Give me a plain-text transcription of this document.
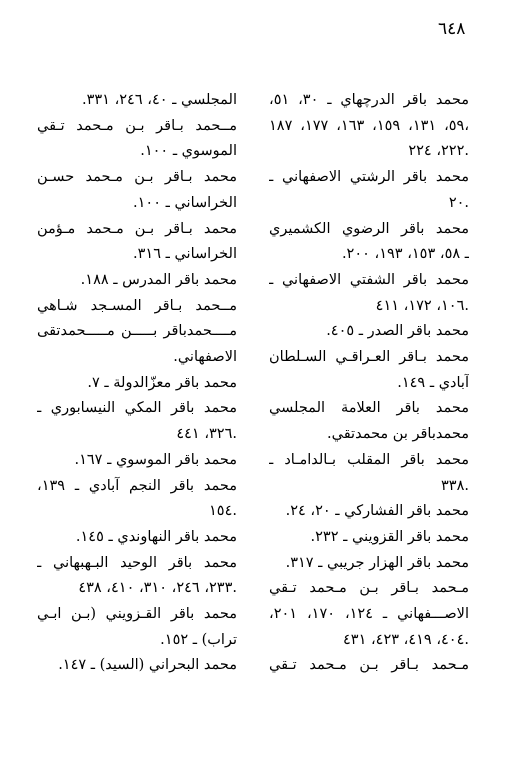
٦٤٨
محمد باقر الدرچهاي ـ ٣٠، ٥١،
٥٩، ١٣١، ١٥٩، ١٦٣، ١٧٧، ١٨٧،
٢٢٢، ٢٢٤.
محمد باقر الرشتي الاصفهاني ـ
٢٠.
محمد باقر الرضوي الكشميري
ـ ٥٨، ١٥٣، ١٩٣، ٢٠٠.
محمد باقر الشفتي الاصفهاني ـ
١٠٦، ١٧٢، ٤١١.
محمد باقر الصدر ـ ٤٠٥.
محمد بـاقر العـراقـي السـلطان
آبادي ـ ١٤٩.
محمد باقر العلامة المجلسي
محمدباقر بن محمدتقي.
محمد باقر المقلب بـالدامـاد ـ
٣٣٨.
محمد باقر الفشاركي ـ ٢٠، ٢٤.
محمد باقر القزويني ـ ٢٣٢.
محمد باقر الهزار جريبي ـ ٣١٧.
مـحمد بـاقر بـن مـحمد تـقي
الاصـــفهاني ـ ١٢٤، ١٧٠، ٢٠١،
٤٠٤، ٤١٩، ٤٢٣، ٤٣١.
مـحمد بـاقر بـن مـحمد تـقي
المجلسي ـ ٤٠، ٢٤٦، ٣٣١.
مــحمد بـاقر بـن مـحمد تـقي
الموسوي ـ ١٠٠.
محمد بـاقر بـن مـحمد حسـن
الخراساني ـ ١٠٠.
محمد بـاقر بـن مـحمد مـؤمن
الخراساني ـ ٣١٦.
محمد باقر المدرس ـ ١٨٨.
مــحمد بـاقر المسـجد شـاهي
مــــحمدباقر بـــــن مـــــحمدتقى
الاصفهاني.
محمد باقر معزّالدولة ـ ٧.
محمد باقر المكي النيسابوري ـ
٣٢٦، ٤٤١.
محمد باقر الموسوي ـ ١٦٧.
محمد باقر النجم آبادي ـ ١٣٩،
١٥٤.
محمد باقر النهاوندي ـ ١٤٥.
محمد باقر الوحيد البـهبهاني ـ
٢٣٣، ٢٤٦، ٣١٠، ٤١٠، ٤٣٨.
محمد باقر القـزويني (بـن ابـي
تراب) ـ ١٥٢.
محمد البحراني (السيد) ـ ١٤٧.
